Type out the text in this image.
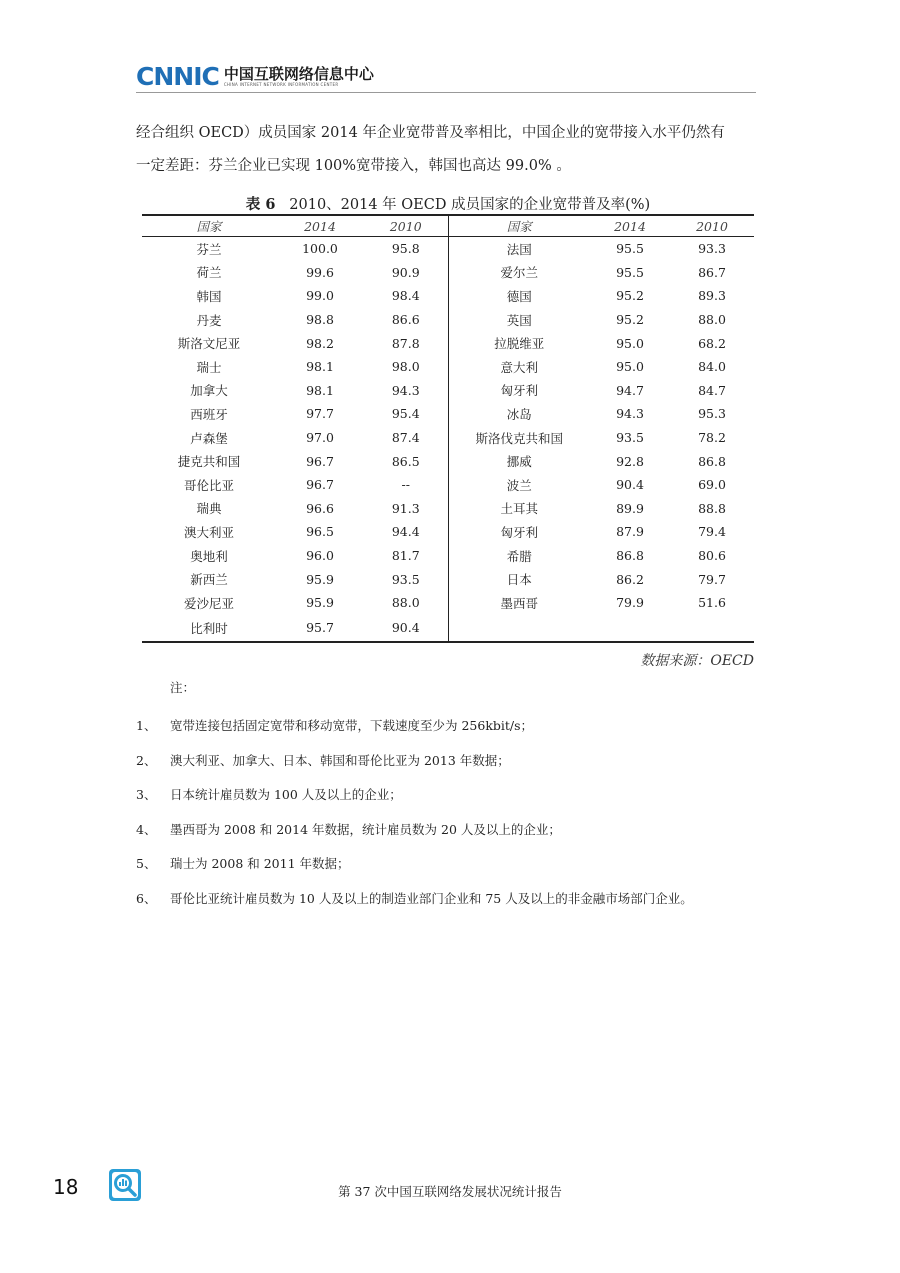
CNNIC 中国互联网络信息中心
CHINA INTERNET NETWORK INFORMATION CENTER

经合组织 OECD）成员国家 2014 年企业宽带普及率相比，中国企业的宽带接入水平仍然有

一定差距：芬兰企业已实现 100%宽带接入，韩国也高达 99.0% 。

表 6 2010、2014 年 OECD 成员国家的企业宽带普及率(%)
国家	2014	2010	国家	2014	2010
芬兰	100.0	95.8	法国	95.5	93.3
荷兰	99.6	90.9	爱尔兰	95.5	86.7
韩国	99.0	98.4	德国	95.2	89.3
丹麦	98.8	86.6	英国	95.2	88.0
斯洛文尼亚	98.2	87.8	拉脱维亚	95.0	68.2
瑞士	98.1	98.0	意大利	95.0	84.0
加拿大	98.1	94.3	匈牙利	94.7	84.7
西班牙	97.7	95.4	冰岛	94.3	95.3
卢森堡	97.0	87.4	斯洛伐克共和国	93.5	78.2
捷克共和国	96.7	86.5	挪威	92.8	86.8
哥伦比亚	96.7	--	波兰	90.4	69.0
瑞典	96.6	91.3	土耳其	89.9	88.8
澳大利亚	96.5	94.4	匈牙利	87.9	79.4
奥地利	96.0	81.7	希腊	86.8	80.6
新西兰	95.9	93.5	日本	86.2	79.7
爱沙尼亚	95.9	88.0	墨西哥	79.9	51.6
比利时	95.7	90.4			
数据来源：OECD
注：
1、	宽带连接包括固定宽带和移动宽带，下载速度至少为 256kbit/s；
2、	澳大利亚、加拿大、日本、韩国和哥伦比亚为 2013 年数据；
3、	日本统计雇员数为 100 人及以上的企业；
4、	墨西哥为 2008 和 2014 年数据，统计雇员数为 20 人及以上的企业；
5、	瑞士为 2008 和 2011 年数据；
6、	哥伦比亚统计雇员数为 10 人及以上的制造业部门企业和 75 人及以上的非金融市场部门企业。
18	第 37 次中国互联网络发展状况统计报告
